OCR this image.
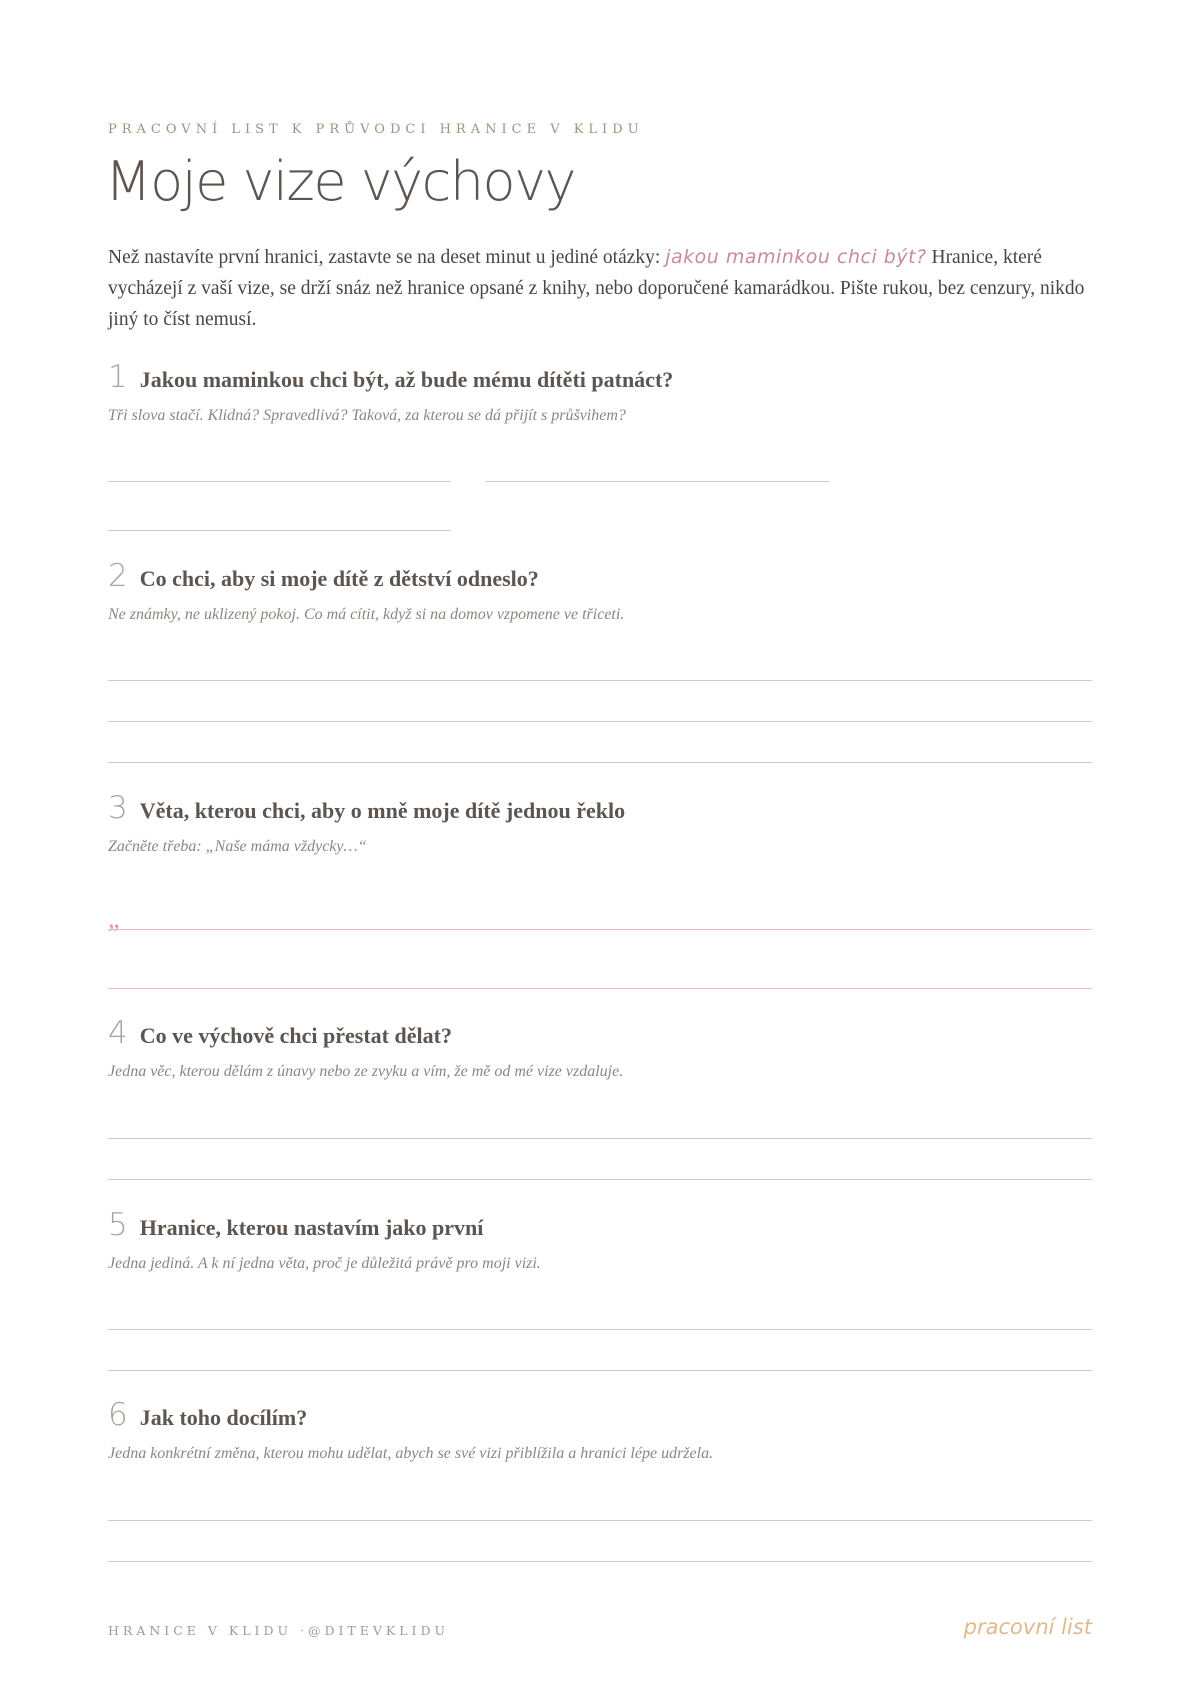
PRACOVNÍ LIST K PRŮVODCI HRANICE V KLIDU
Moje vize výchovy

Než nastavíte první hranici, zastavte se na deset minut u jediné otázky: jakou maminkou chci být? Hranice, které vycházejí z vaší vize, se drží snáz než hranice opsané z knihy, nebo doporučené kamarádkou. Pište rukou, bez cenzury, nikdo jiný to číst nemusí.

1 Jakou maminkou chci být, až bude mému dítěti patnáct?
Tři slova stačí. Klidná? Spravedlivá? Taková, za kterou se dá přijít s průšvihem?
2 Co chci, aby si moje dítě z dětství odneslo?
Ne známky, ne uklizený pokoj. Co má cítit, když si na domov vzpomene ve třiceti.
3 Věta, kterou chci, aby o mně moje dítě jednou řeklo
Začněte třeba: „Naše máma vždycky…“
„
4 Co ve výchově chci přestat dělat?
Jedna věc, kterou dělám z únavy nebo ze zvyku a vím, že mě od mé vize vzdaluje.
5 Hranice, kterou nastavím jako první
Jedna jediná. A k ní jedna věta, proč je důležitá právě pro moji vizi.
6 Jak toho docílím?
Jedna konkrétní změna, kterou mohu udělat, abych se své vizi přiblížila a hranici lépe udržela.
HRANICE V KLIDU ·@DITEVKLIDU	pracovní list
